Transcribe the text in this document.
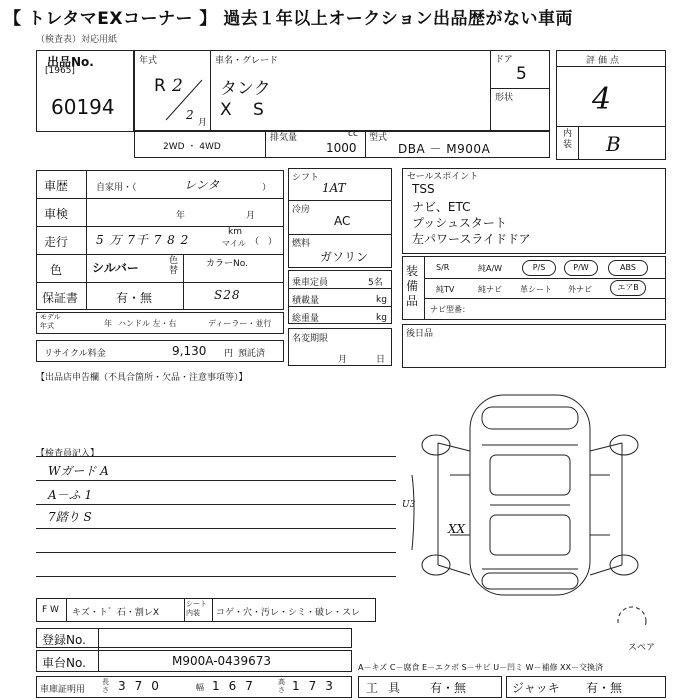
【 トレタマEXコーナー 】 過去１年以上オークション出品歴がない車両
（検査表）対応用紙
出品No.
[1965]
60194
年式
R 2
2
月
車名・グレード
タンク
X S
ドア
5
形状
評価点
4
内装 B
2WD ・ 4WD
排気量	cc
1000
型式
DBA － M900A
車歴	自家用・（	レンタ	）
車検	年	月
走行 5 万 7千 7 8 2
km
マイル （　）
色 シルバー	色替
カラーNo.
S28
保証書	有・無
モデル年式	年 ハンドル 左・右	ディーラー・並行
リサイクル料金	9,130 円 預託済
シフト
1AT
冷房
AC
燃料
ガソリン
乗車定員	5名
積載量	kg
総重量	kg
名変期限
月	日
セールスポイント
TSS
ナビ、ETC
プッシュスタート
左パワースライドドア
装備品
S/R	純A/W	P/S	P/W	ABS
純TV	純ナビ 革シート 外ナビ	エアB
ナビ型番：
後日品
【出品店申告欄（不具合箇所・欠品・注意事項等）】
【検査員記入】
Wガード A
A－ふ 1
7踏り S
XX
U3
スペア
F W キズ・ト゛石・割レX
シート内装	コゲ・穴・汚レ・シミ・破レ・スレ
登録No.
車台No.	M900A-0439673	A－キズ C－腐食 E－エクボ S－サビ U－凹ミ W－補修 XX－交換済
車庫証明用
長さ 370	幅 167 高さ 173 工具 有・無	ジャッキ 有・無
